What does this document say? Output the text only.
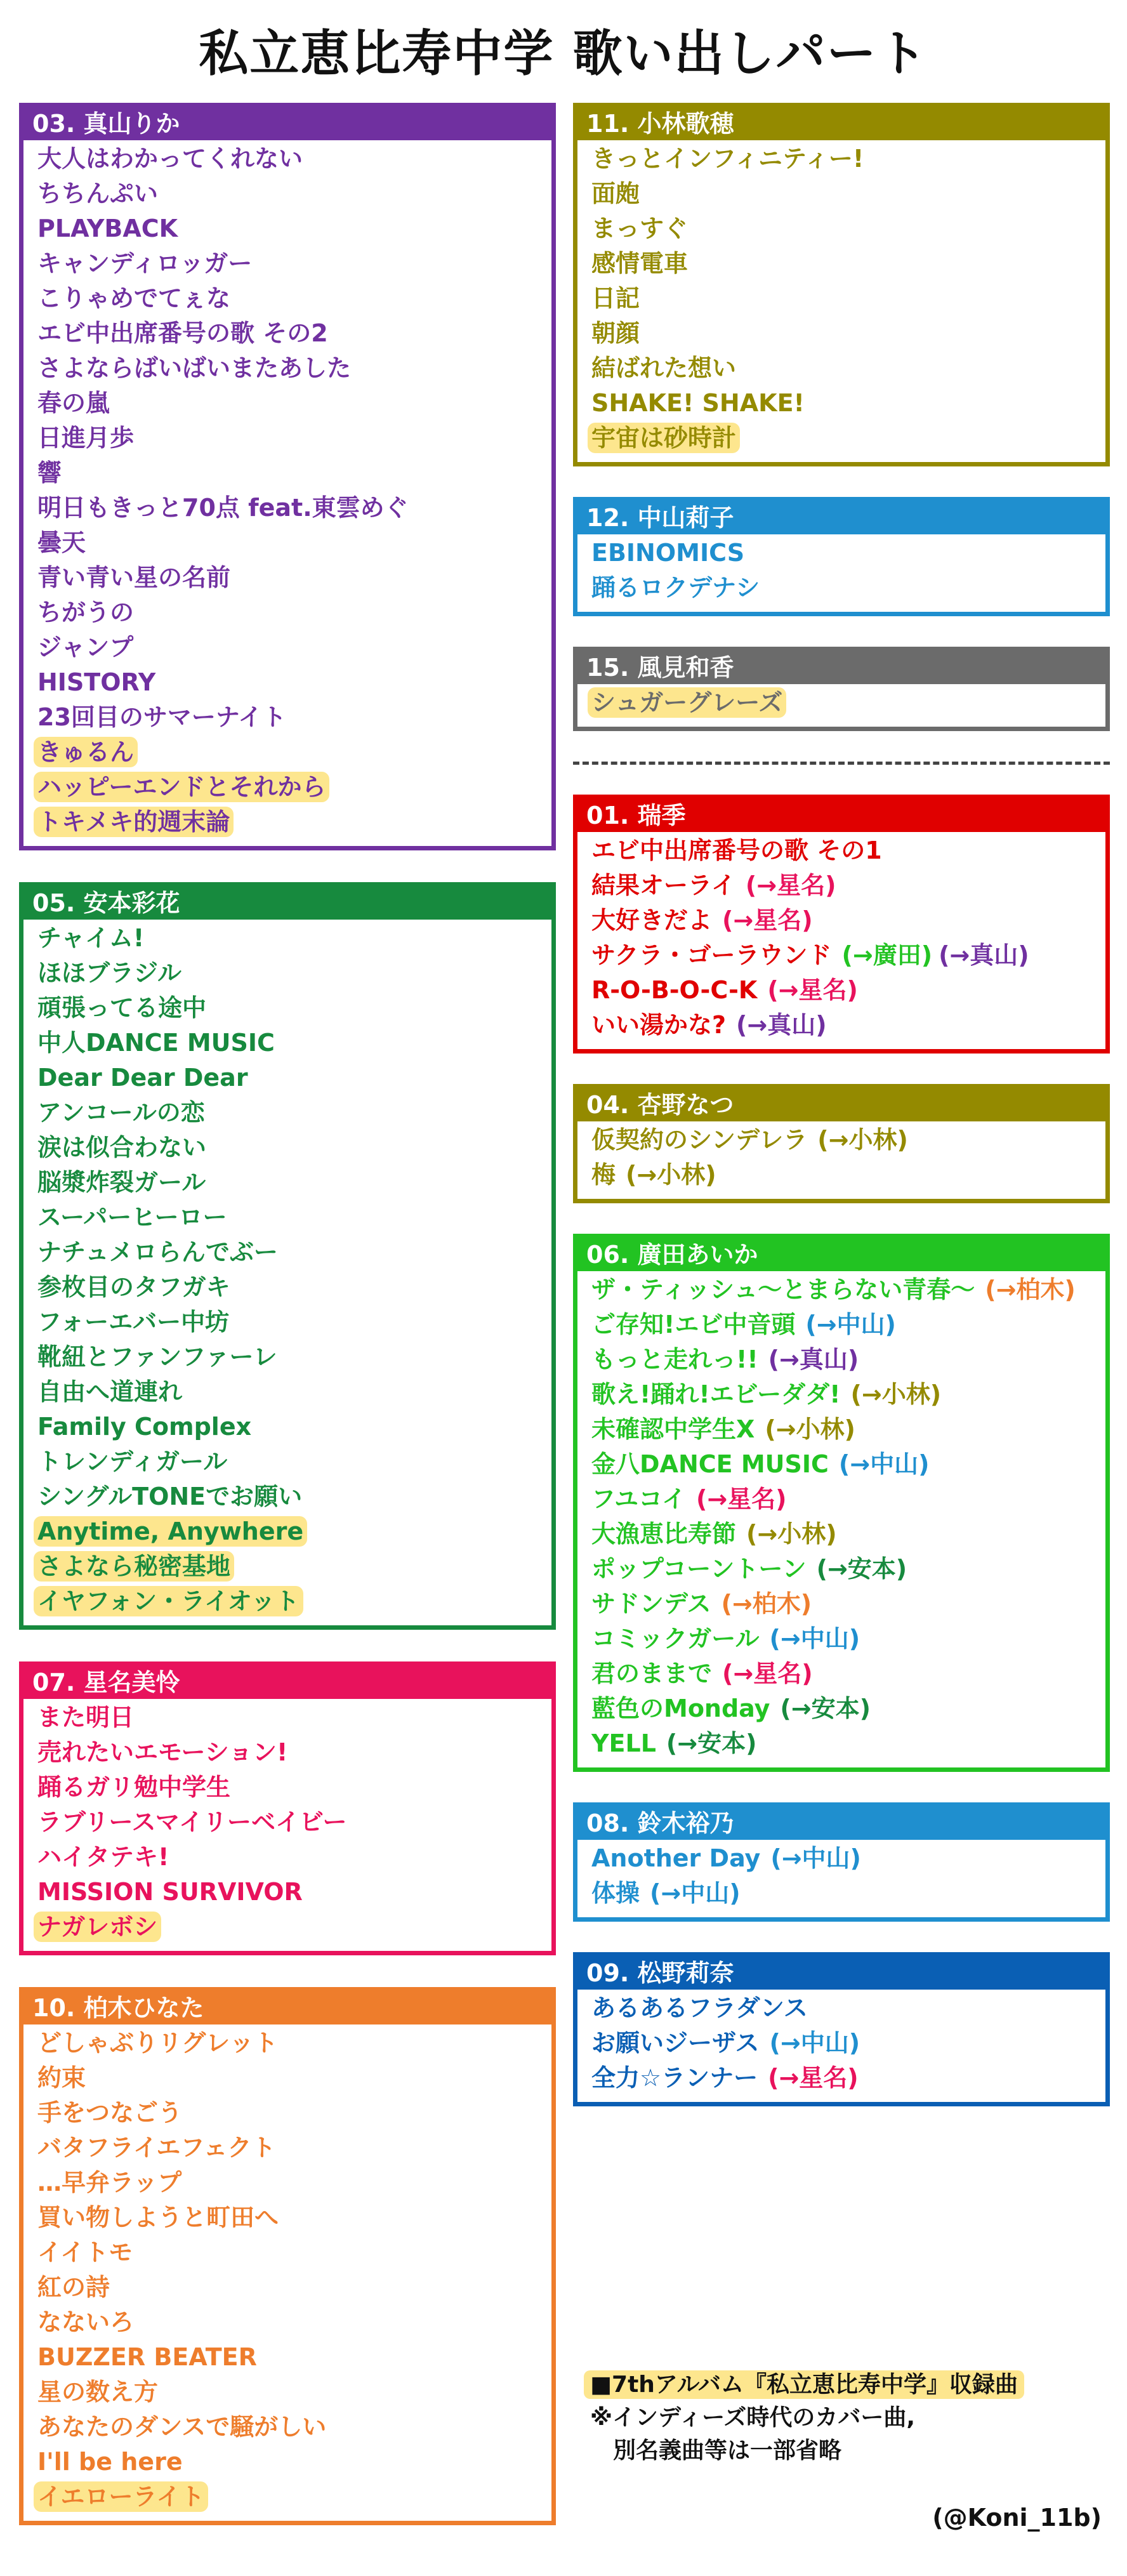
私立恵比寿中学 歌い出しパート
03. 真山りか
大人はわかってくれない
ちちんぷい
PLAYBACK
キャンディロッガー
こりゃめでてぇな
エビ中出席番号の歌 その2
さよならばいばいまたあした
春の嵐
日進月歩
響
明日もきっと70点 feat.東雲めぐ
曇天
青い青い星の名前
ちがうの
ジャンプ
HISTORY
23回目のサマーナイト
きゅるん
ハッピーエンドとそれから
トキメキ的週末論
05. 安本彩花
チャイム!
ほほブラジル
頑張ってる途中
中人DANCE MUSIC
Dear Dear Dear
アンコールの恋
涙は似合わない
脳漿炸裂ガール
スーパーヒーロー
ナチュメロらんでぶー
参枚目のタフガキ
フォーエバー中坊
靴紐とファンファーレ
自由へ道連れ
Family Complex
トレンディガール
シングルTONEでお願い
Anytime, Anywhere
さよなら秘密基地
イヤフォン・ライオット
07. 星名美怜
また明日
売れたいエモーション!
踊るガリ勉中学生
ラブリースマイリーベイビー
ハイタテキ!
MISSION SURVIVOR
ナガレボシ
10. 柏木ひなた
どしゃぶりリグレット
約束
手をつなごう
バタフライエフェクト
…早弁ラップ
買い物しようと町田へ
イイトモ
紅の詩
なないろ
BUZZER BEATER
星の数え方
あなたのダンスで騒がしい
I'll be here
イエローライト
11. 小林歌穂
きっとインフィニティー!
面皰
まっすぐ
感情電車
日記
朝顔
結ばれた想い
SHAKE! SHAKE!
宇宙は砂時計
12. 中山莉子
EBINOMICS
踊るロクデナシ
15. 風見和香
シュガーグレーズ
01. 瑞季
エビ中出席番号の歌 その1
結果オーライ (→星名)
大好きだよ (→星名)
サクラ・ゴーラウンド (→廣田) (→真山)
R-O-B-O-C-K (→星名)
いい湯かな? (→真山)
04. 杏野なつ
仮契約のシンデレラ (→小林)
梅 (→小林)
06. 廣田あいか
ザ・ティッシュ～とまらない青春～ (→柏木)
ご存知!エビ中音頭 (→中山)
もっと走れっ!! (→真山)
歌え!踊れ!エビーダダ! (→小林)
未確認中学生X (→小林)
金八DANCE MUSIC (→中山)
フユコイ (→星名)
大漁恵比寿節 (→小林)
ポップコーントーン (→安本)
サドンデス (→柏木)
コミックガール (→中山)
君のままで (→星名)
藍色のMonday (→安本)
YELL (→安本)
08. 鈴木裕乃
Another Day (→中山)
体操 (→中山)
09. 松野莉奈
あるあるフラダンス
お願いジーザス (→中山)
全力☆ランナー (→星名)
■7thアルバム『私立恵比寿中学』収録曲
※インディーズ時代のカバー曲,
別名義曲等は一部省略
(@Koni_11b)
